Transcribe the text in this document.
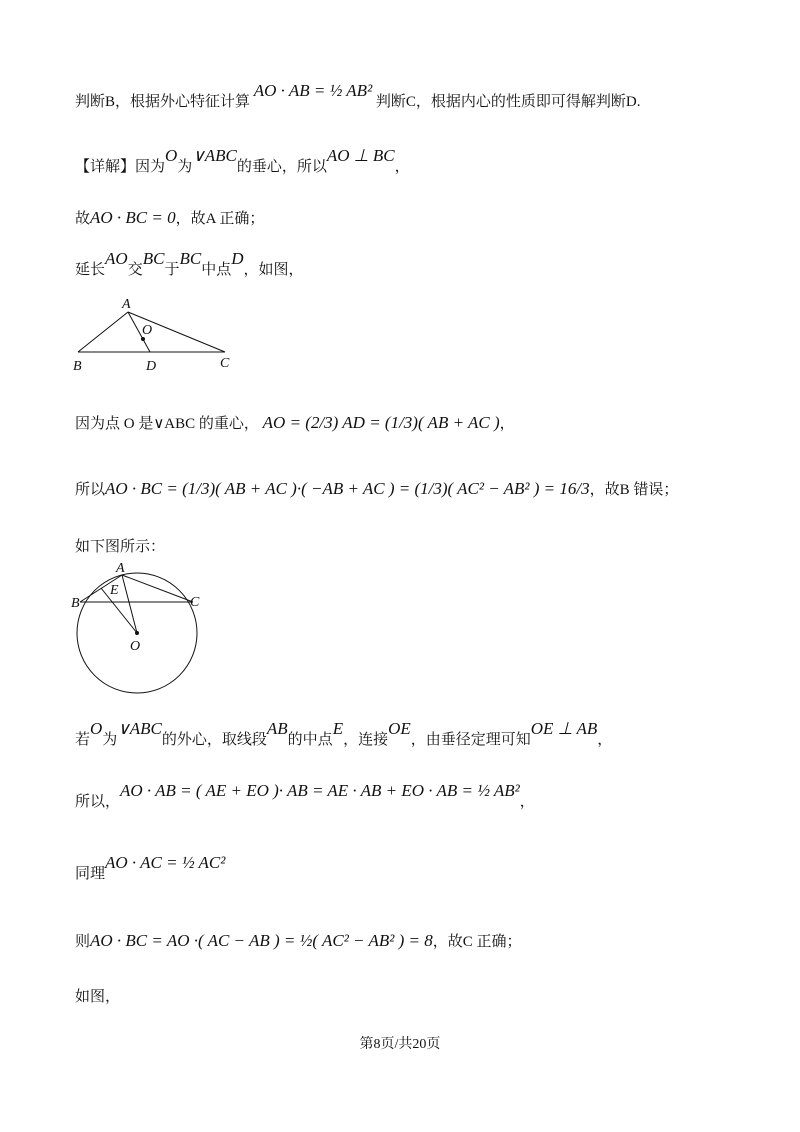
判断B，根据外心特征计算 AO · AB = ½ AB² 判断C，根据内心的性质即可得解判断D.
【详解】因为O为∨ABC的垂心，所以AO ⊥ BC，
故AO · BC = 0，故A 正确；
延长AO交BC于BC中点D，如图，
A
O
B	D	C
因为点 O 是∨ABC 的重心， AO = (2/3) AD = (1/3)( AB + AC )，
所以AO · BC = (1/3)( AB + AC )·( −AB + AC ) = (1/3)( AC² − AB² ) = 16/3，故B 错误；
如下图所示：
A
E
B	C
O
若O为∨ABC的外心，取线段AB的中点E，连接OE，由垂径定理可知OE ⊥ AB，
所以，AO · AB = ( AE + EO )· AB = AE · AB + EO · AB = ½ AB²，
同理AO · AC = ½ AC²
则AO · BC = AO ·( AC − AB ) = ½( AC² − AB² ) = 8，故C 正确；
如图，
第8页/共20页
